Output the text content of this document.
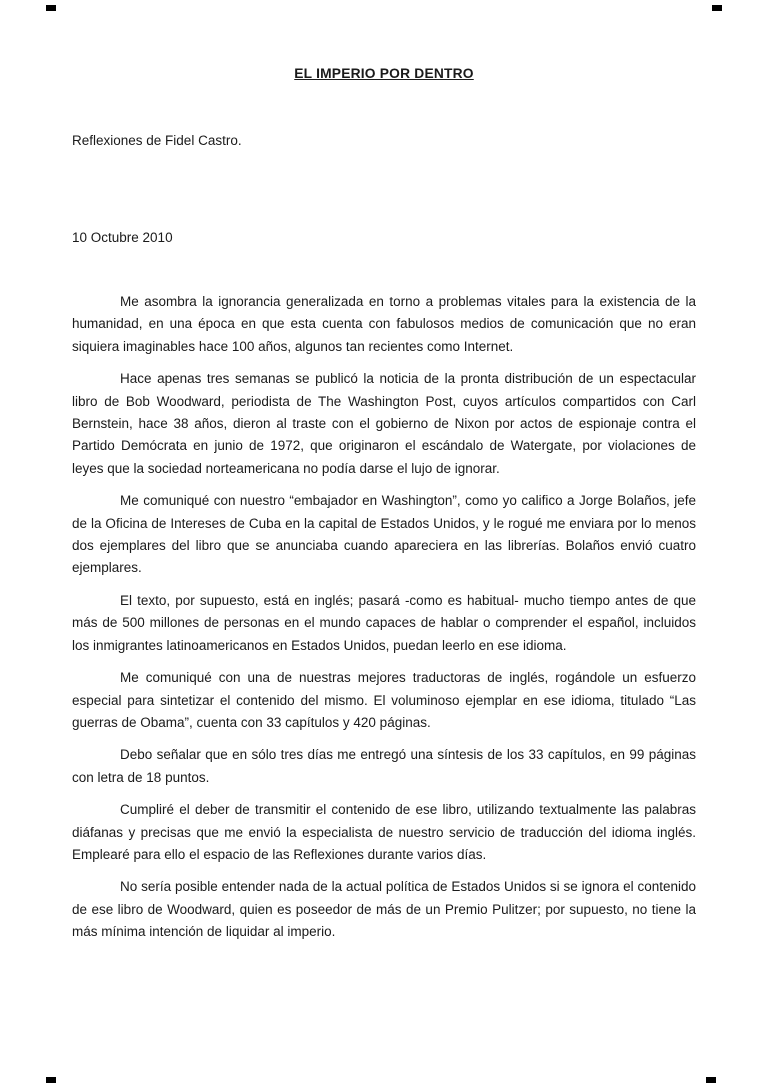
EL IMPERIO POR DENTRO

Reflexiones de Fidel Castro.

10 Octubre 2010

Me asombra la ignorancia generalizada en torno a problemas vitales para la existencia de la humanidad, en una época en que esta cuenta con fabulosos medios de comunicación que no eran siquiera imaginables hace 100 años, algunos tan recientes como Internet.

Hace apenas tres semanas se publicó la noticia de la pronta distribución de un espectacular libro de Bob Woodward, periodista de The Washington Post, cuyos artículos compartidos con Carl Bernstein, hace 38 años, dieron al traste con el gobierno de Nixon por actos de espionaje contra el Partido Demócrata en junio de 1972, que originaron el escándalo de Watergate, por violaciones de leyes que la sociedad norteamericana no podía darse el lujo de ignorar.

Me comuniqué con nuestro “embajador en Washington”, como yo califico a Jorge Bolaños, jefe de la Oficina de Intereses de Cuba en la capital de Estados Unidos, y le rogué me enviara por lo menos dos ejemplares del libro que se anunciaba cuando apareciera en las librerías. Bolaños envió cuatro ejemplares.

El texto, por supuesto, está en inglés; pasará -como es habitual- mucho tiempo antes de que más de 500 millones de personas en el mundo capaces de hablar o comprender el español, incluidos los inmigrantes latinoamericanos en Estados Unidos, puedan leerlo en ese idioma.

Me comuniqué con una de nuestras mejores traductoras de inglés, rogándole un esfuerzo especial para sintetizar el contenido del mismo. El voluminoso ejemplar en ese idioma, titulado “Las guerras de Obama”, cuenta con 33 capítulos y 420 páginas.

Debo señalar que en sólo tres días me entregó una síntesis de los 33 capítulos, en 99 páginas con letra de 18 puntos.

Cumpliré el deber de transmitir el contenido de ese libro, utilizando textualmente las palabras diáfanas y precisas que me envió la especialista de nuestro servicio de traducción del idioma inglés. Emplearé para ello el espacio de las Reflexiones durante varios días.

No sería posible entender nada de la actual política de Estados Unidos si se ignora el contenido de ese libro de Woodward, quien es poseedor de más de un Premio Pulitzer; por supuesto, no tiene la más mínima intención de liquidar al imperio.
